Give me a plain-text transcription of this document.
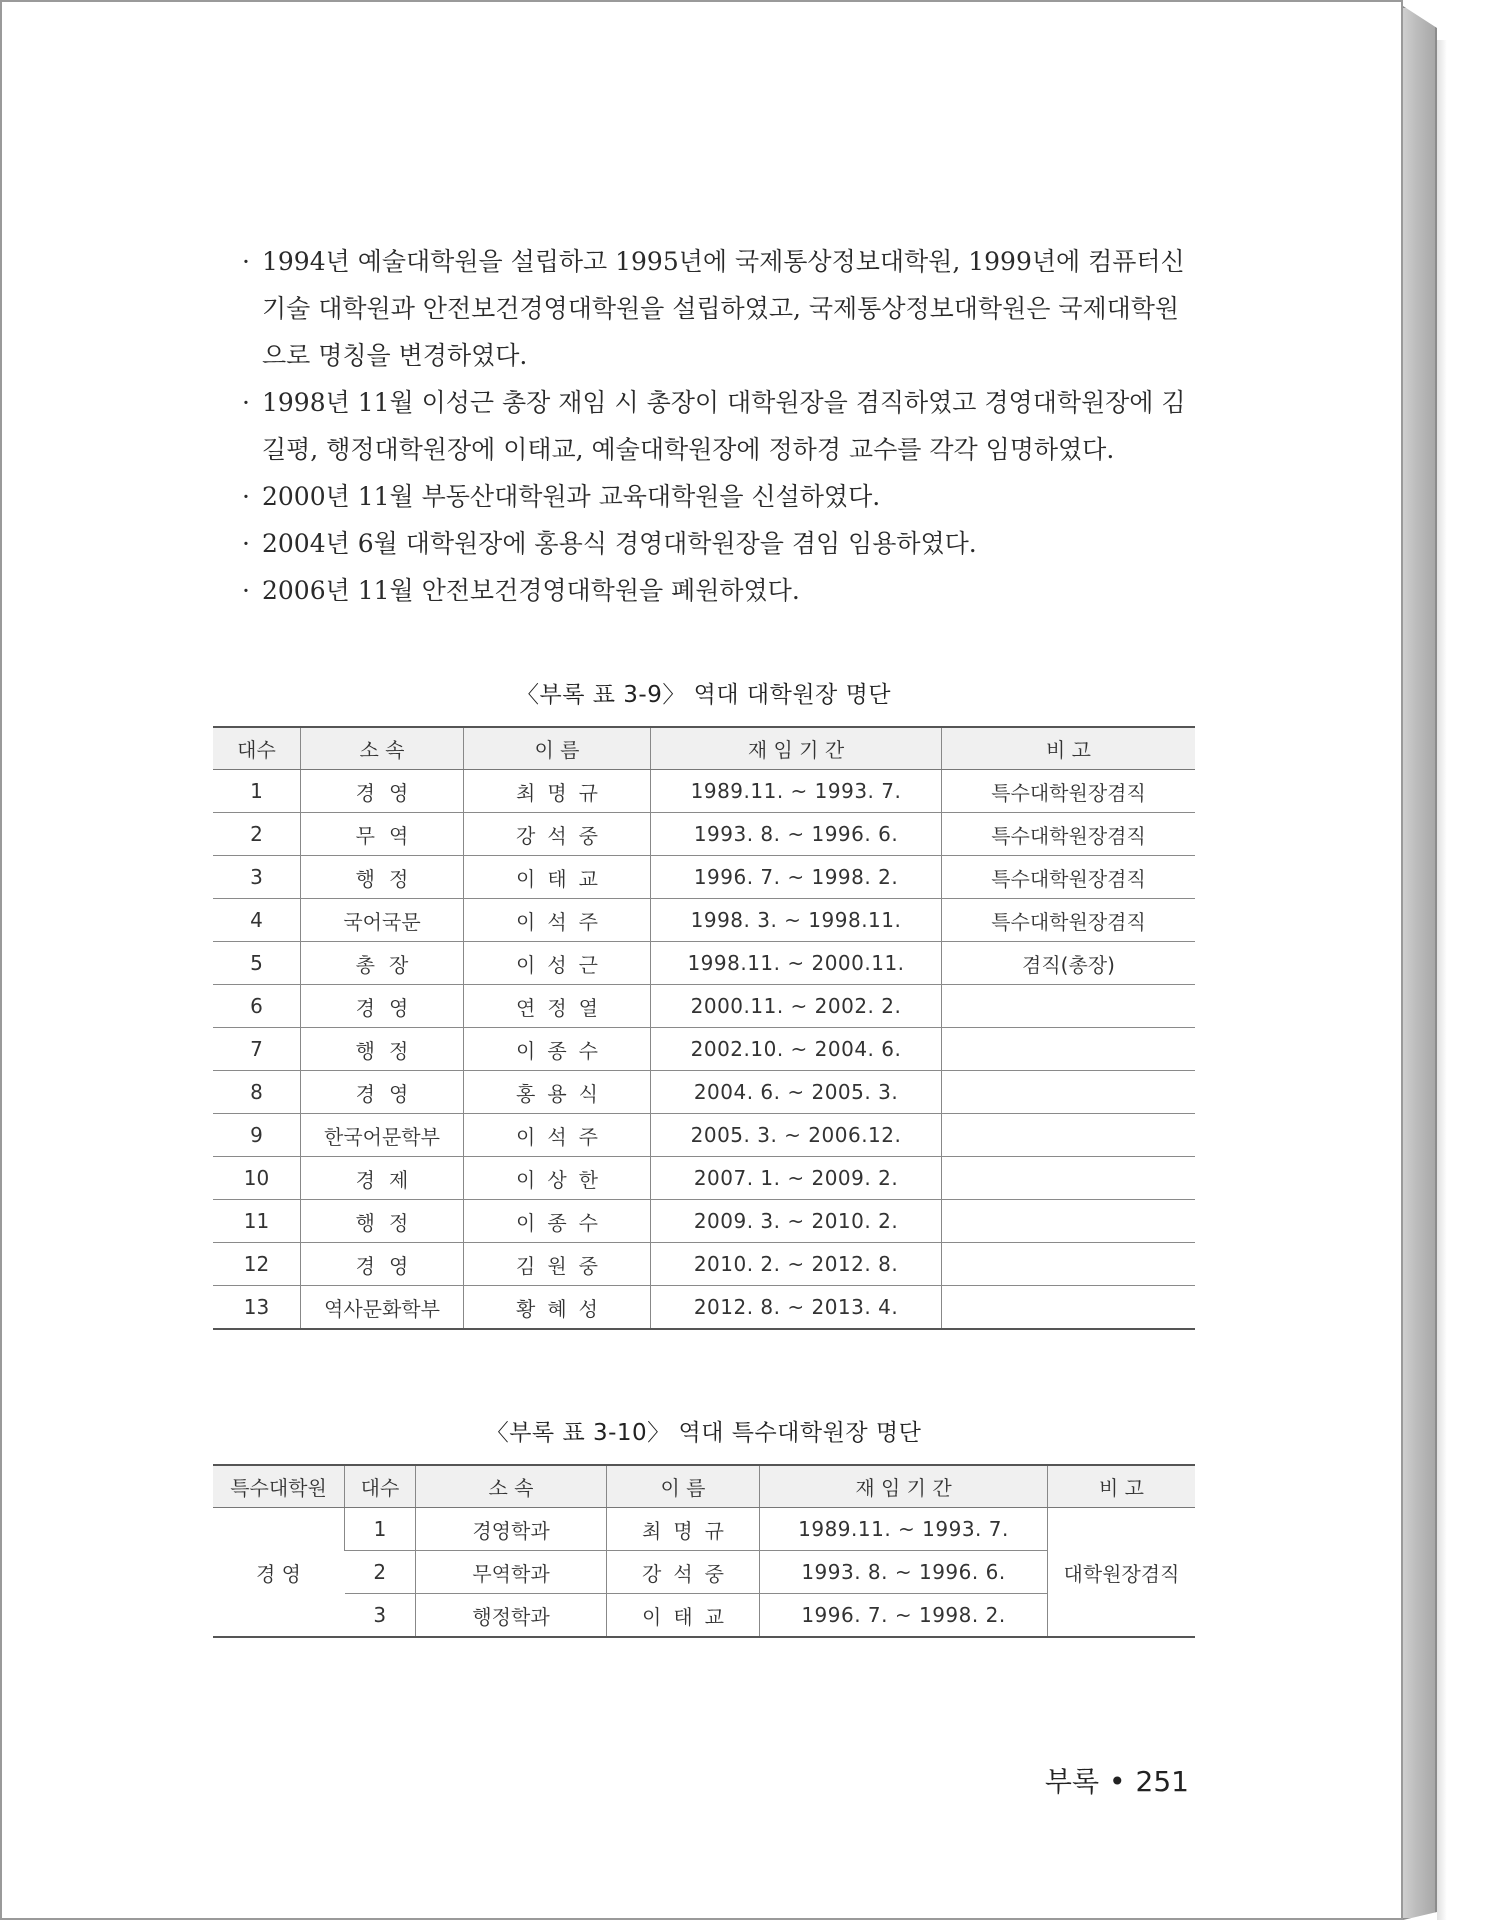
· 1994년 예술대학원을 설립하고 1995년에 국제통상정보대학원, 1999년에 컴퓨터신기술 대학원과 안전보건경영대학원을 설립하였고, 국제통상정보대학원은 국제대학원으로 명칭을 변경하였다.
· 1998년 11월 이성근 총장 재임 시 총장이 대학원장을 겸직하였고 경영대학원장에 김길평, 행정대학원장에 이태교, 예술대학원장에 정하경 교수를 각각 임명하였다.
· 2000년 11월 부동산대학원과 교육대학원을 신설하였다.
· 2004년 6월 대학원장에 홍용식 경영대학원장을 겸임 임용하였다.
· 2006년 11월 안전보건경영대학원을 폐원하였다.
〈부록 표 3-9〉 역대 대학원장 명단
대수	소 속	이 름	재 임 기 간	비 고
1	경영	최명규	1989.11. ~ 1993. 7.	특수대학원장겸직
2	무역	강석중	1993. 8. ~ 1996. 6.	특수대학원장겸직
3	행정	이태교	1996. 7. ~ 1998. 2.	특수대학원장겸직
4	국어국문	이석주	1998. 3. ~ 1998.11.	특수대학원장겸직
5	총장	이성근	1998.11. ~ 2000.11.	겸직(총장)
6	경영	연정열	2000.11. ~ 2002. 2.	
7	행정	이종수	2002.10. ~ 2004. 6.	
8	경영	홍용식	2004. 6. ~ 2005. 3.	
9	한국어문학부	이석주	2005. 3. ~ 2006.12.	
10	경제	이상한	2007. 1. ~ 2009. 2.	
11	행정	이종수	2009. 3. ~ 2010. 2.	
12	경영	김원중	2010. 2. ~ 2012. 8.	
13	역사문화학부	황혜성	2012. 8. ~ 2013. 4.	
〈부록 표 3-10〉 역대 특수대학원장 명단
특수대학원	대수	소 속	이 름	재 임 기 간	비 고
경 영	1	경영학과	최명규	1989.11. ~ 1993. 7.	대학원장겸직
	2	무역학과	강석중	1993. 8. ~ 1996. 6.	
	3	행정학과	이태교	1996. 7. ~ 1998. 2.	
부록 • 251
